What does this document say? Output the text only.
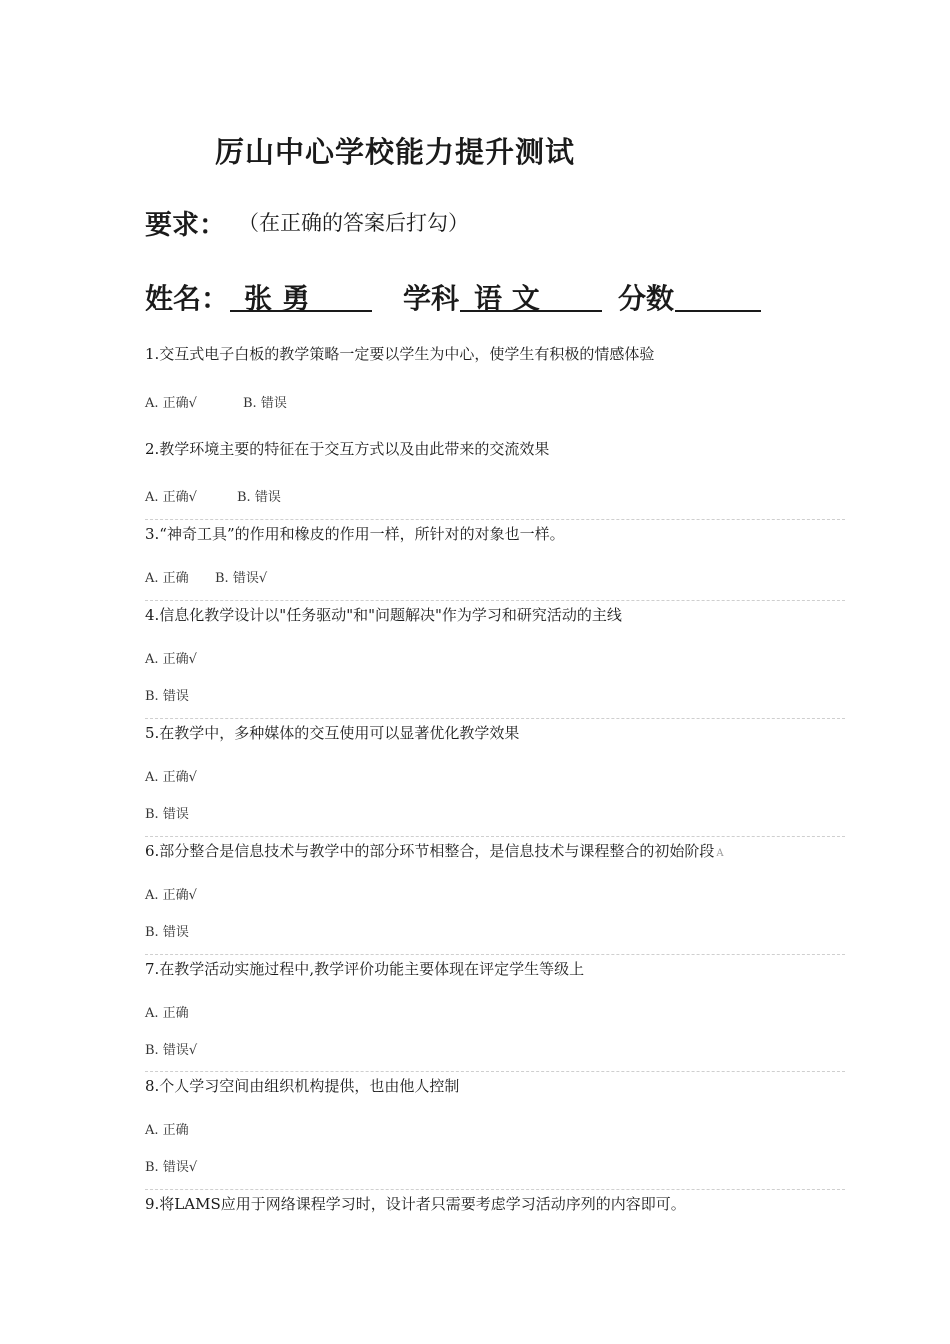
厉山中心学校能力提升测试
要求： （在正确的答案后打勾）
姓名： 张 勇	学科 语 文	分数
1.交互式电子白板的教学策略一定要以学生为中心，使学生有积极的情感体验
A. 正确√	B. 错误
2.教学环境主要的特征在于交互方式以及由此带来的交流效果
A. 正确√	B. 错误
3.“神奇工具”的作用和橡皮的作用一样，所针对的对象也一样。
A. 正确 B. 错误√
4.信息化教学设计以"任务驱动"和"问题解决"作为学习和研究活动的主线
A. 正确√
B. 错误
5.在教学中，多种媒体的交互使用可以显著优化教学效果
A. 正确√
B. 错误
6.部分整合是信息技术与教学中的部分环节相整合，是信息技术与课程整合的初始阶段 A
A. 正确√
B. 错误
7.在教学活动实施过程中,教学评价功能主要体现在评定学生等级上
A. 正确
B. 错误√
8.个人学习空间由组织机构提供，也由他人控制
A. 正确
B. 错误√
9.将LAMS应用于网络课程学习时，设计者只需要考虑学习活动序列的内容即可。
